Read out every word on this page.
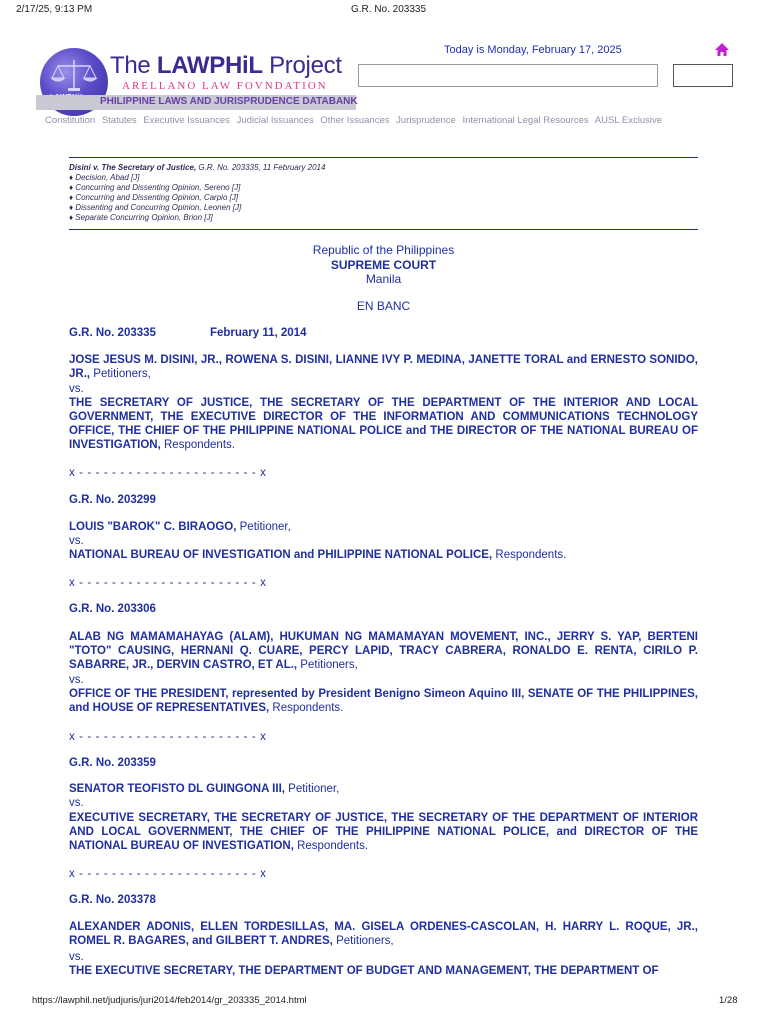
2/17/25, 9:13 PM	G.R. No. 203335
The LAWPHiL Project
ARELLANO LAW FOVNDATION
PHILIPPINE LAWS AND JURISPRUDENCE DATABANK
Today is Monday, February 17, 2025
Constitution Statutes Executive Issuances Judicial Issuances Other Issuances Jurisprudence International Legal Resources AUSL Exclusive
Disini v. The Secretary of Justice, G.R. No. 203335, 11 February 2014
♦ Decision, Abad [J]
♦ Concurring and Dissenting Opinion, Sereno [J]
♦ Concurring and Dissenting Opinion, Carpio [J]
♦ Dissenting and Concurring Opinion, Leonen [J]
♦ Separate Concurring Opinion, Brion [J]
Republic of the Philippines
SUPREME COURT
Manila
EN BANC
G.R. No. 203335	February 11, 2014
JOSE JESUS M. DISINI, JR., ROWENA S. DISINI, LIANNE IVY P. MEDINA, JANETTE TORAL and ERNESTO SONIDO, JR., Petitioners,
vs.
THE SECRETARY OF JUSTICE, THE SECRETARY OF THE DEPARTMENT OF THE INTERIOR AND LOCAL GOVERNMENT, THE EXECUTIVE DIRECTOR OF THE INFORMATION AND COMMUNICATIONS TECHNOLOGY OFFICE, THE CHIEF OF THE PHILIPPINE NATIONAL POLICE and THE DIRECTOR OF THE NATIONAL BUREAU OF INVESTIGATION, Respondents.
x - - - - - - - - - - - - - - - - - - - - - - x
G.R. No. 203299
LOUIS "BAROK" C. BIRAOGO, Petitioner,
vs.
NATIONAL BUREAU OF INVESTIGATION and PHILIPPINE NATIONAL POLICE, Respondents.
x - - - - - - - - - - - - - - - - - - - - - - x
G.R. No. 203306
ALAB NG MAMAMAHAYAG (ALAM), HUKUMAN NG MAMAMAYAN MOVEMENT, INC., JERRY S. YAP, BERTENI "TOTO" CAUSING, HERNANI Q. CUARE, PERCY LAPID, TRACY CABRERA, RONALDO E. RENTA, CIRILO P. SABARRE, JR., DERVIN CASTRO, ET AL., Petitioners,
vs.
OFFICE OF THE PRESIDENT, represented by President Benigno Simeon Aquino III, SENATE OF THE PHILIPPINES, and HOUSE OF REPRESENTATIVES, Respondents.
x - - - - - - - - - - - - - - - - - - - - - - x
G.R. No. 203359
SENATOR TEOFISTO DL GUINGONA III, Petitioner,
vs.
EXECUTIVE SECRETARY, THE SECRETARY OF JUSTICE, THE SECRETARY OF THE DEPARTMENT OF INTERIOR AND LOCAL GOVERNMENT, THE CHIEF OF THE PHILIPPINE NATIONAL POLICE, and DIRECTOR OF THE NATIONAL BUREAU OF INVESTIGATION, Respondents.
x - - - - - - - - - - - - - - - - - - - - - - x
G.R. No. 203378
ALEXANDER ADONIS, ELLEN TORDESILLAS, MA. GISELA ORDENES-CASCOLAN, H. HARRY L. ROQUE, JR., ROMEL R. BAGARES, and GILBERT T. ANDRES, Petitioners,
vs.
THE EXECUTIVE SECRETARY, THE DEPARTMENT OF BUDGET AND MANAGEMENT, THE DEPARTMENT OF
https://lawphil.net/judjuris/juri2014/feb2014/gr_203335_2014.html	1/28
